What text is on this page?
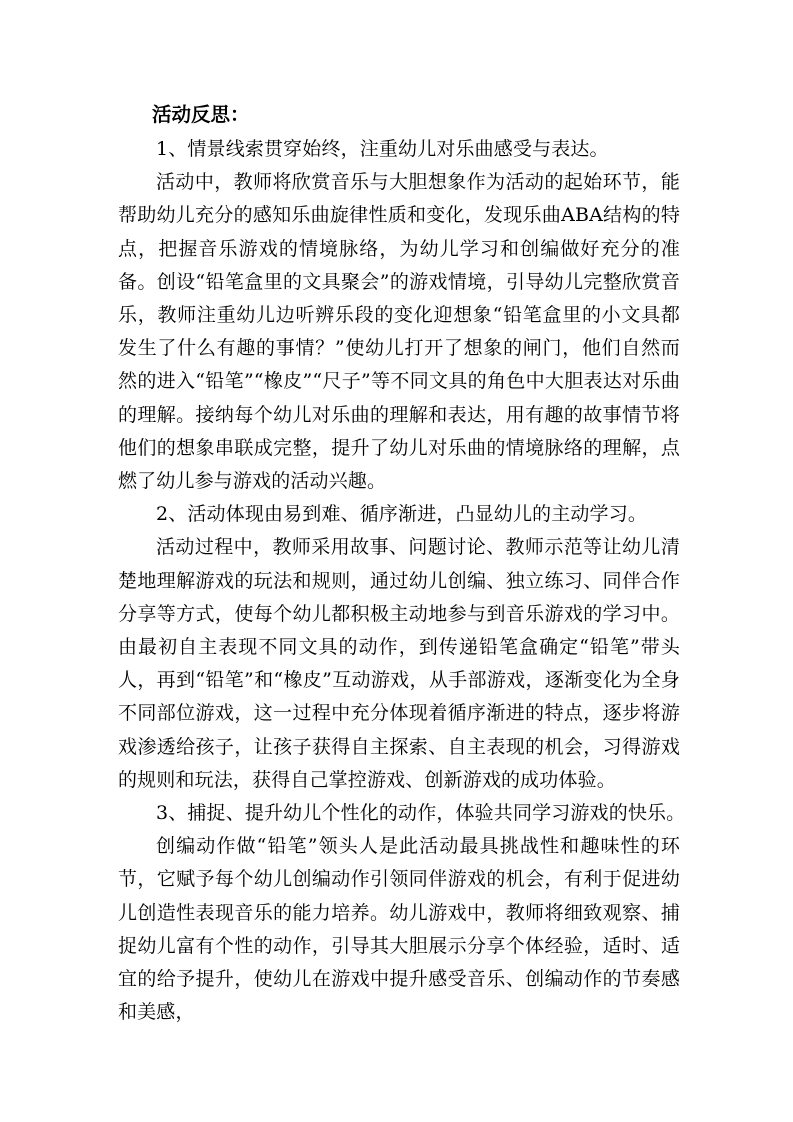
活动反思：

1、情景线索贯穿始终，注重幼儿对乐曲感受与表达。

活动中，教师将欣赏音乐与大胆想象作为活动的起始环节，能帮助幼儿充分的感知乐曲旋律性质和变化，发现乐曲ABA结构的特点，把握音乐游戏的情境脉络，为幼儿学习和创编做好充分的准备。创设“铅笔盒里的文具聚会”的游戏情境，引导幼儿完整欣赏音乐，教师注重幼儿边听辨乐段的变化迎想象“铅笔盒里的小文具都发生了什么有趣的事情？”使幼儿打开了想象的闸门，他们自然而然的进入“铅笔”“橡皮”“尺子”等不同文具的角色中大胆表达对乐曲的理解。接纳每个幼儿对乐曲的理解和表达，用有趣的故事情节将他们的想象串联成完整，提升了幼儿对乐曲的情境脉络的理解，点燃了幼儿参与游戏的活动兴趣。

2、活动体现由易到难、循序渐进，凸显幼儿的主动学习。

活动过程中，教师采用故事、问题讨论、教师示范等让幼儿清楚地理解游戏的玩法和规则，通过幼儿创编、独立练习、同伴合作分享等方式，使每个幼儿都积极主动地参与到音乐游戏的学习中。由最初自主表现不同文具的动作，到传递铅笔盒确定“铅笔”带头人，再到“铅笔”和“橡皮”互动游戏，从手部游戏，逐渐变化为全身不同部位游戏，这一过程中充分体现着循序渐进的特点，逐步将游戏渗透给孩子，让孩子获得自主探索、自主表现的机会，习得游戏的规则和玩法，获得自己掌控游戏、创新游戏的成功体验。

3、捕捉、提升幼儿个性化的动作，体验共同学习游戏的快乐。

创编动作做“铅笔”领头人是此活动最具挑战性和趣味性的环节，它赋予每个幼儿创编动作引领同伴游戏的机会，有利于促进幼儿创造性表现音乐的能力培养。幼儿游戏中，教师将细致观察、捕捉幼儿富有个性的动作，引导其大胆展示分享个体经验，适时、适宜的给予提升，使幼儿在游戏中提升感受音乐、创编动作的节奏感和美感，
